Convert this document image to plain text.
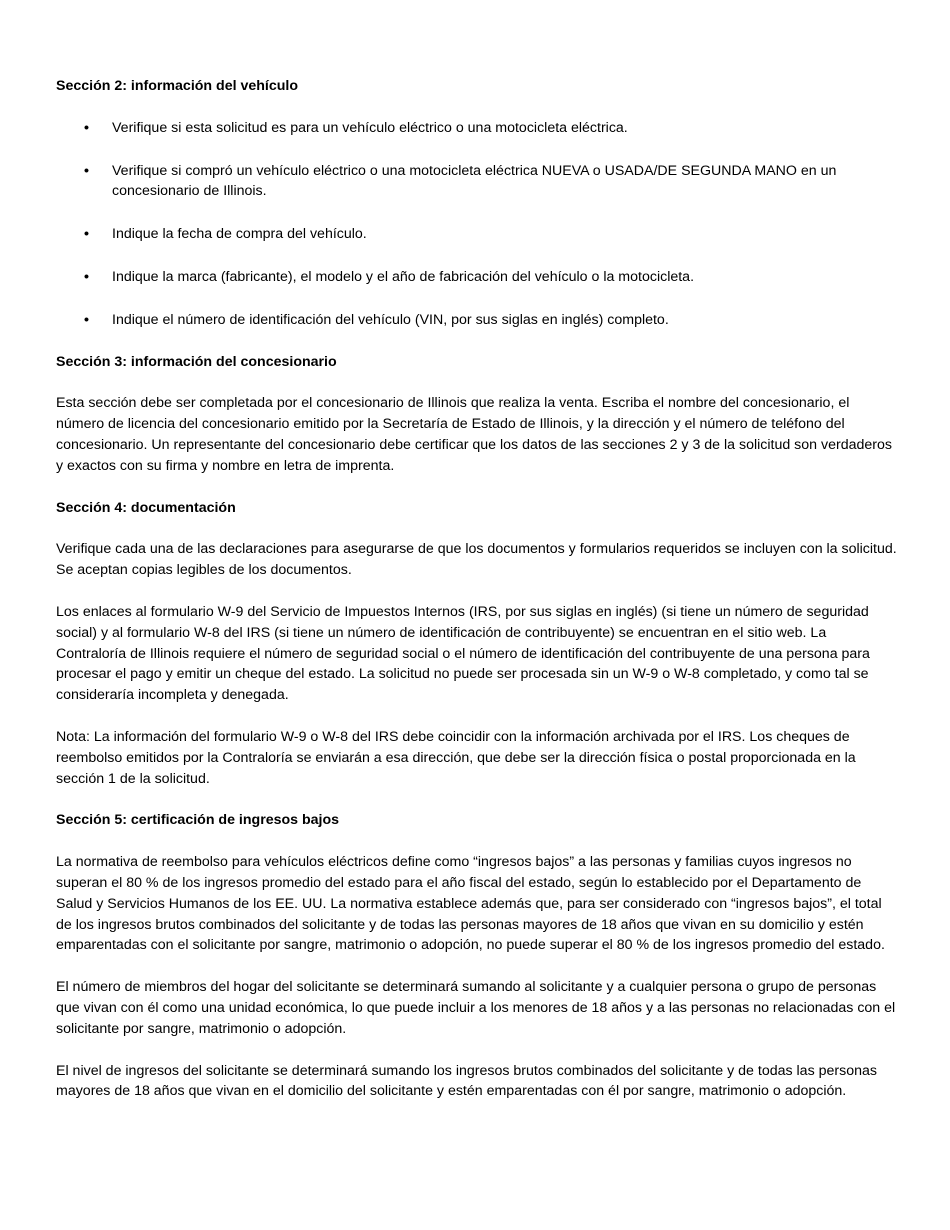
Sección 2: información del vehículo
• Verifique si esta solicitud es para un vehículo eléctrico o una motocicleta eléctrica.
• Verifique si compró un vehículo eléctrico o una motocicleta eléctrica NUEVA o USADA/DE SEGUNDA MANO en un concesionario de Illinois.
• Indique la fecha de compra del vehículo.
• Indique la marca (fabricante), el modelo y el año de fabricación del vehículo o la motocicleta.
• Indique el número de identificación del vehículo (VIN, por sus siglas en inglés) completo.
Sección 3: información del concesionario

Esta sección debe ser completada por el concesionario de Illinois que realiza la venta. Escriba el nombre del concesionario, el número de licencia del concesionario emitido por la Secretaría de Estado de Illinois, y la dirección y el número de teléfono del concesionario. Un representante del concesionario debe certificar que los datos de las secciones 2 y 3 de la solicitud son verdaderos y exactos con su firma y nombre en letra de imprenta.

Sección 4: documentación

Verifique cada una de las declaraciones para asegurarse de que los documentos y formularios requeridos se incluyen con la solicitud. Se aceptan copias legibles de los documentos.

Los enlaces al formulario W-9 del Servicio de Impuestos Internos (IRS, por sus siglas en inglés) (si tiene un número de seguridad social) y al formulario W-8 del IRS (si tiene un número de identificación de contribuyente) se encuentran en el sitio web. La Contraloría de Illinois requiere el número de seguridad social o el número de identificación del contribuyente de una persona para procesar el pago y emitir un cheque del estado. La solicitud no puede ser procesada sin un W-9 o W-8 completado, y como tal se consideraría incompleta y denegada.

Nota: La información del formulario W-9 o W-8 del IRS debe coincidir con la información archivada por el IRS. Los cheques de reembolso emitidos por la Contraloría se enviarán a esa dirección, que debe ser la dirección física o postal proporcionada en la sección 1 de la solicitud.

Sección 5: certificación de ingresos bajos

La normativa de reembolso para vehículos eléctricos define como “ingresos bajos” a las personas y familias cuyos ingresos no superan el 80 % de los ingresos promedio del estado para el año fiscal del estado, según lo establecido por el Departamento de Salud y Servicios Humanos de los EE. UU. La normativa establece además que, para ser considerado con “ingresos bajos”, el total de los ingresos brutos combinados del solicitante y de todas las personas mayores de 18 años que vivan en su domicilio y estén emparentadas con el solicitante por sangre, matrimonio o adopción, no puede superar el 80 % de los ingresos promedio del estado.

El número de miembros del hogar del solicitante se determinará sumando al solicitante y a cualquier persona o grupo de personas que vivan con él como una unidad económica, lo que puede incluir a los menores de 18 años y a las personas no relacionadas con el solicitante por sangre, matrimonio o adopción.

El nivel de ingresos del solicitante se determinará sumando los ingresos brutos combinados del solicitante y de todas las personas mayores de 18 años que vivan en el domicilio del solicitante y estén emparentadas con él por sangre, matrimonio o adopción.
